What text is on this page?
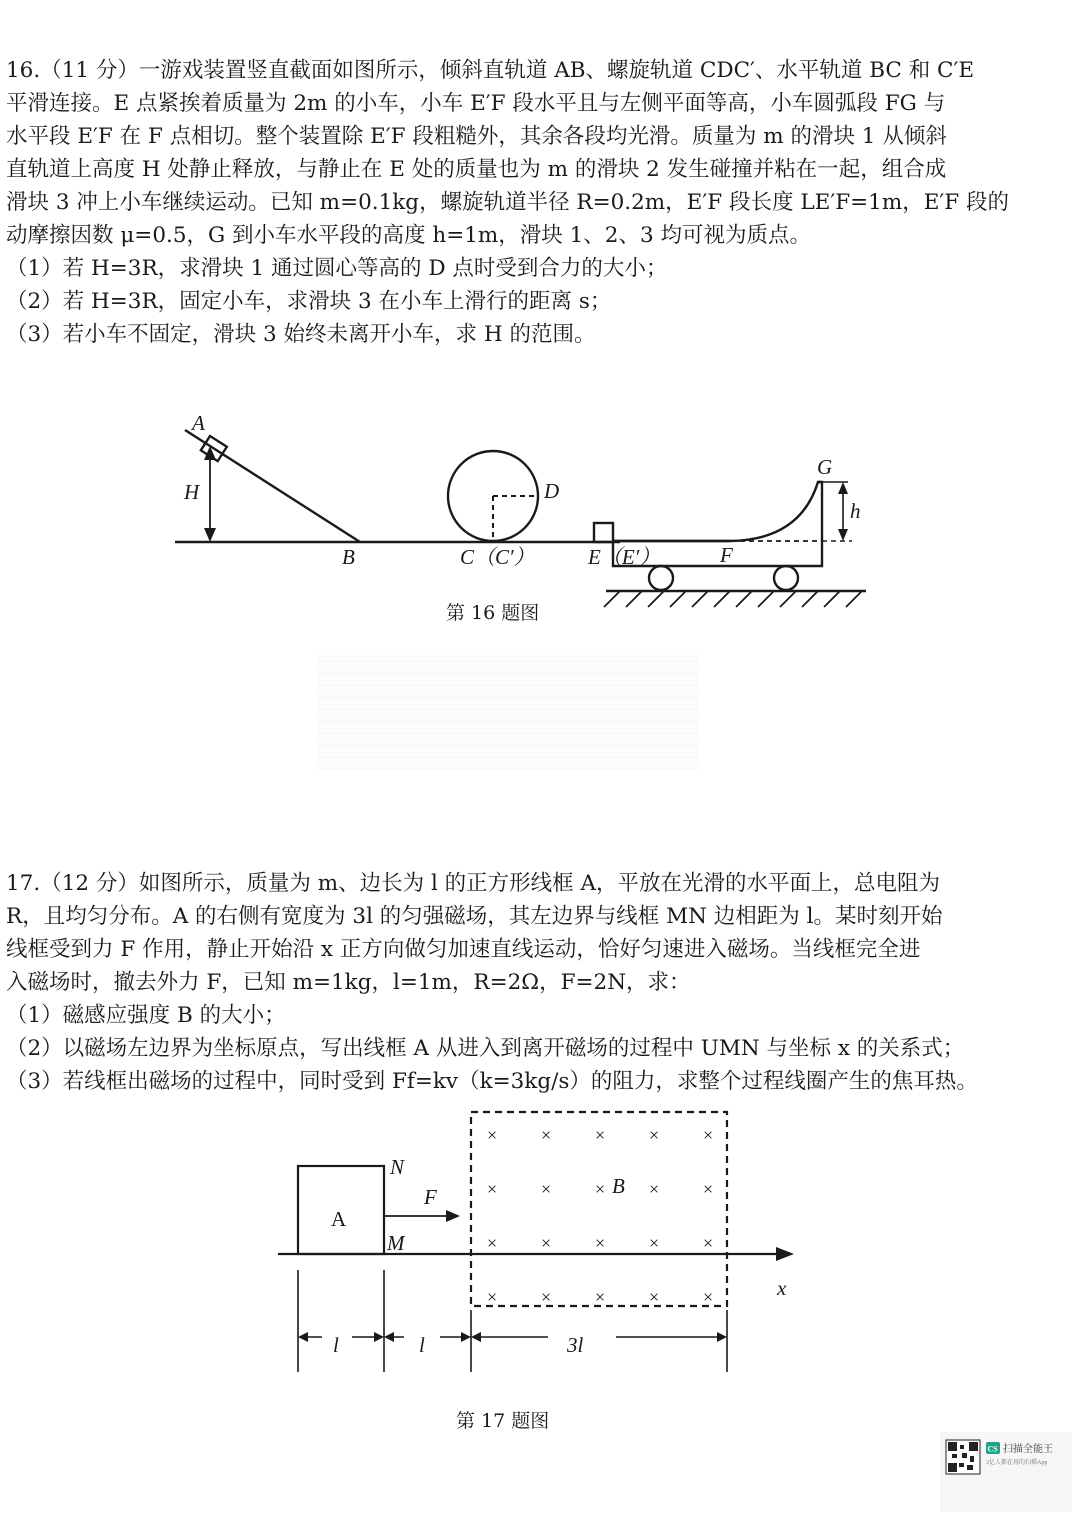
16.（11 分）一游戏装置竖直截面如图所示，倾斜直轨道 AB、螺旋轨道 CDC′、水平轨道 BC 和 C′E
平滑连接。E 点紧挨着质量为 2m 的小车，小车 E′F 段水平且与左侧平面等高，小车圆弧段 FG 与
水平段 E′F 在 F 点相切。整个装置除 E′F 段粗糙外，其余各段均光滑。质量为 m 的滑块 1 从倾斜
直轨道上高度 H 处静止释放，与静止在 E 处的质量也为 m 的滑块 2 发生碰撞并粘在一起，组合成
滑块 3 冲上小车继续运动。已知 m=0.1kg，螺旋轨道半径 R=0.2m，E′F 段长度 LE′F=1m，E′F 段的
动摩擦因数 μ=0.5，G 到小车水平段的高度 h=1m，滑块 1、2、3 均可视为质点。
（1）若 H=3R，求滑块 1 通过圆心等高的 D 点时受到合力的大小；
（2）若 H=3R，固定小车，求滑块 3 在小车上滑行的距离 s；
（3）若小车不固定，滑块 3 始终未离开小车，求 H 的范围。
A
H
B	C（C′）
D
E（E′）	F
G
h
第 16 题图
17.（12 分）如图所示，质量为 m、边长为 l 的正方形线框 A，平放在光滑的水平面上，总电阻为
R，且均匀分布。A 的右侧有宽度为 3l 的匀强磁场，其左边界与线框 MN 边相距为 l。某时刻开始
线框受到力 F 作用，静止开始沿 x 正方向做匀加速直线运动，恰好匀速进入磁场。当线框完全进
入磁场时，撤去外力 F，已知 m=1kg，l=1m，R=2Ω，F=2N，求：
（1）磁感应强度 B 的大小；
（2）以磁场左边界为坐标原点，写出线框 A 从进入到离开磁场的过程中 UMN 与坐标 x 的关系式；
（3）若线框出磁场的过程中，同时受到 Ff=kv（k=3kg/s）的阻力，求整个过程线圈产生的焦耳热。
× × × × ×
× × × × ×
× × × × ×
× × × × ×
A
N
M
F	B
x
l	l	3l
第 17 题图
CS 扫描全能王
3亿人都在用的扫描App
